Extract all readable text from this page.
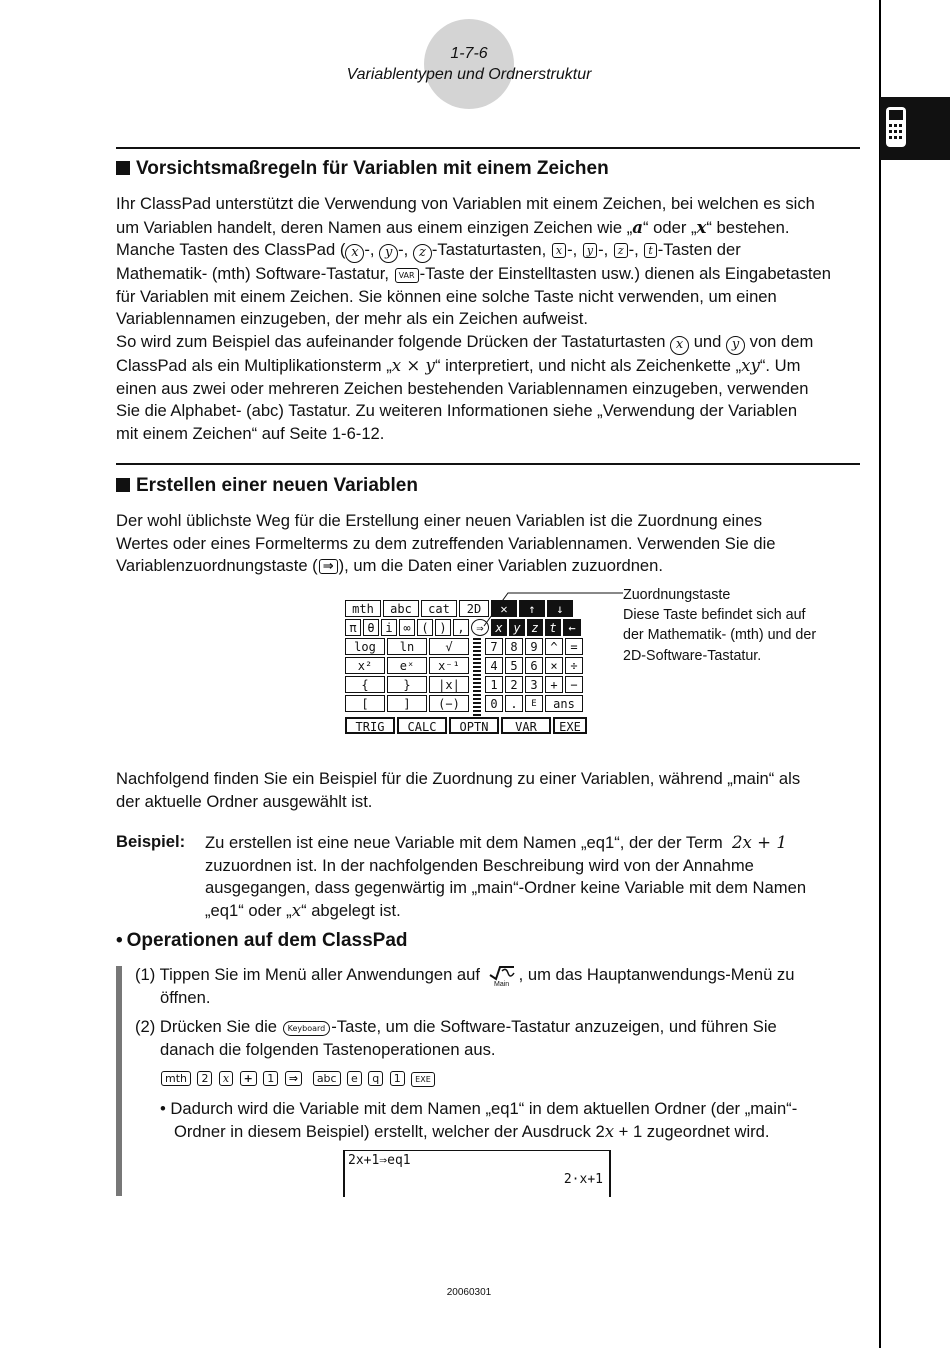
1-7-6
Variablentypen und Ordnerstruktur
Vorsichtsmaßregeln für Variablen mit einem Zeichen
Ihr ClassPad unterstützt die Verwendung von Variablen mit einem Zeichen, bei welchen es sich
um Variablen handelt, deren Namen aus einem einzigen Zeichen wie „a“ oder „x“ bestehen.
Manche Tasten des ClassPad ( x -, y -, z -Tastaturtasten, x -, y -, z -, t -Tasten der
Mathematik- (mth) Software-Tastatur, VAR -Taste der Einstelltasten usw.) dienen als Eingabetasten
für Variablen mit einem Zeichen. Sie können eine solche Taste nicht verwenden, um einen
Variablennamen einzugeben, der mehr als ein Zeichen aufweist.
So wird zum Beispiel das aufeinander folgende Drücken der Tastaturtasten x und y von dem
ClassPad als ein Multiplikationsterm „x × y“ interpretiert, und nicht als Zeichenkette „xy“. Um
einen aus zwei oder mehreren Zeichen bestehenden Variablennamen einzugeben, verwenden
Sie die Alphabet- (abc) Tastatur. Zu weiteren Informationen siehe „Verwendung der Variablen
mit einem Zeichen“ auf Seite 1-6-12.
Erstellen einer neuen Variablen
Der wohl üblichste Weg für die Erstellung einer neuen Variablen ist die Zuordnung eines
Wertes oder eines Formelterms zu dem zutreffenden Variablennamen. Verwenden Sie die
Variablenzuordnungstaste ( ⇒ ), um die Daten einer Variablen zuzuordnen.
mth	abc	cat	2D	✕	↑	↓
π θ i ∞ ( ) , ⇒ x y z t ←
log	ln	√
x²	eˣ	x⁻¹
{	}	|x|
[	]	(−)
7	8	9	^	=
4	5	6	×	÷
1	2	3	+	−
0	.	E	ans
TRIG	CALC	OPTN	VAR	EXE
Zuordnungstaste
Diese Taste befindet sich auf
der Mathematik- (mth) und der
2D-Software-Tastatur.
Nachfolgend finden Sie ein Beispiel für die Zuordnung zu einer Variablen, während „main“ als
der aktuelle Ordner ausgewählt ist.
Beispiel: Zu erstellen ist eine neue Variable mit dem Namen „eq1“, der der Term 2x + 1
zuzuordnen ist. In der nachfolgenden Beschreibung wird von der Annahme
ausgegangen, dass gegenwärtig im „main“-Ordner keine Variable mit dem Namen
„eq1“ oder „x“ abgelegt ist.
• Operationen auf dem ClassPad
(1) Tippen Sie im Menü aller Anwendungen auf
Main, um das Hauptanwendungs-Menü zu
öffnen.
(2) Drücken Sie die Keyboard -Taste, um die Software-Tastatur anzuzeigen, und führen Sie
danach die folgenden Tastenoperationen aus.
mth 2 x + 1 ⇒ abc e q 1 EXE
• Dadurch wird die Variable mit dem Namen „eq1“ in dem aktuellen Ordner (der „main“-
Ordner in diesem Beispiel) erstellt, welcher der Ausdruck 2x + 1 zugeordnet wird.
2x+1⇒eq1
2·x+1
20060301
